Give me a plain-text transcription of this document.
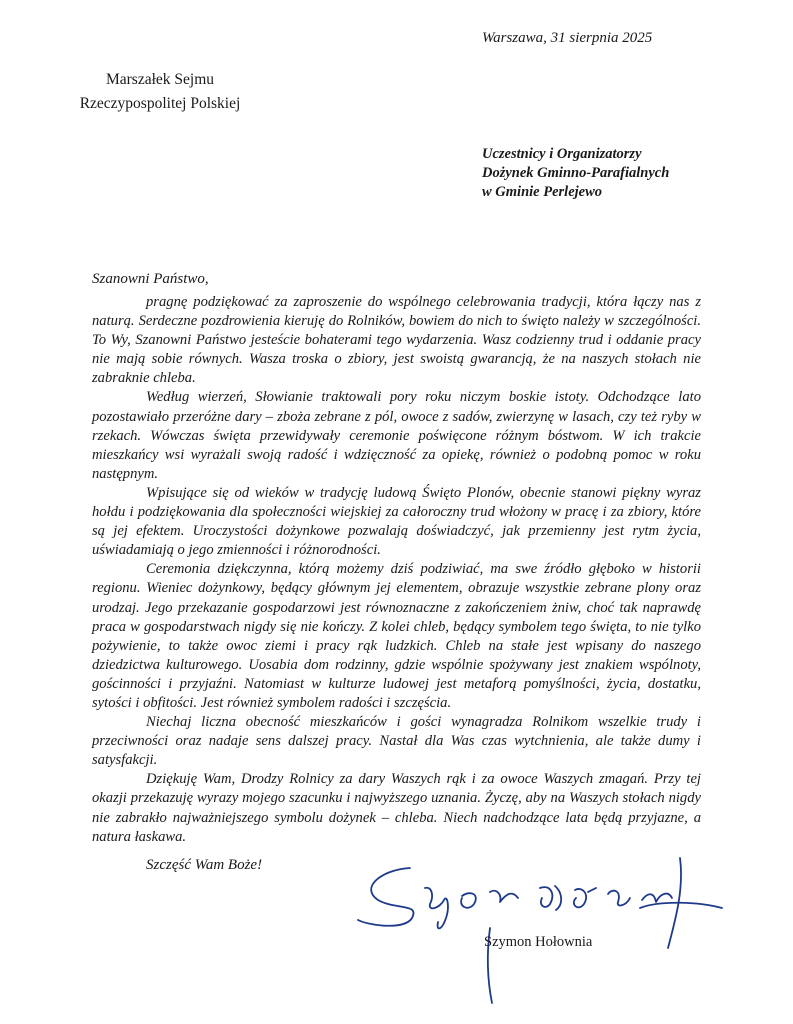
Warszawa, 31 sierpnia 2025
Marszałek Sejmu
Rzeczypospolitej Polskiej
Uczestnicy i Organizatorzy
Dożynek Gminno-Parafialnych
w Gminie Perlejewo
Szanowni Państwo,

pragnę podziękować za zaproszenie do wspólnego celebrowania tradycji, która łączy nas z naturą. Serdeczne pozdrowienia kieruję do Rolników, bowiem do nich to święto należy w szczególności. To Wy, Szanowni Państwo jesteście bohaterami tego wydarzenia. Wasz codzienny trud i oddanie pracy nie mają sobie równych. Wasza troska o zbiory, jest swoistą gwarancją, że na naszych stołach nie zabraknie chleba.

Według wierzeń, Słowianie traktowali pory roku niczym boskie istoty. Odchodzące lato pozostawiało przeróżne dary – zboża zebrane z pól, owoce z sadów, zwierzynę w lasach, czy też ryby w rzekach. Wówczas święta przewidywały ceremonie poświęcone różnym bóstwom. W ich trakcie mieszkańcy wsi wyrażali swoją radość i wdzięczność za opiekę, również o podobną pomoc w roku następnym.

Wpisujące się od wieków w tradycję ludową Święto Plonów, obecnie stanowi piękny wyraz hołdu i podziękowania dla społeczności wiejskiej za całoroczny trud włożony w pracę i za zbiory, które są jej efektem. Uroczystości dożynkowe pozwalają doświadczyć, jak przemienny jest rytm życia, uświadamiają o jego zmienności i różnorodności.

Ceremonia dziękczynna, którą możemy dziś podziwiać, ma swe źródło głęboko w historii regionu. Wieniec dożynkowy, będący głównym jej elementem, obrazuje wszystkie zebrane plony oraz urodzaj. Jego przekazanie gospodarzowi jest równoznaczne z zakończeniem żniw, choć tak naprawdę praca w gospodarstwach nigdy się nie kończy. Z kolei chleb, będący symbolem tego święta, to nie tylko pożywienie, to także owoc ziemi i pracy rąk ludzkich. Chleb na stałe jest wpisany do naszego dziedzictwa kulturowego. Uosabia dom rodzinny, gdzie wspólnie spożywany jest znakiem wspólnoty, gościnności i przyjaźni. Natomiast w kulturze ludowej jest metaforą pomyślności, życia, dostatku, sytości i obfitości. Jest również symbolem radości i szczęścia.

Niechaj liczna obecność mieszkańców i gości wynagradza Rolnikom wszelkie trudy i przeciwności oraz nadaje sens dalszej pracy. Nastał dla Was czas wytchnienia, ale także dumy i satysfakcji.

Dziękuję Wam, Drodzy Rolnicy za dary Waszych rąk i za owoce Waszych zmagań. Przy tej okazji przekazuję wyrazy mojego szacunku i najwyższego uznania. Życzę, aby na Waszych stołach nigdy nie zabrakło najważniejszego symbolu dożynek – chleba. Niech nadchodzące lata będą przyjazne, a natura łaskawa.

Szczęść Wam Boże!
Szymon Hołownia
